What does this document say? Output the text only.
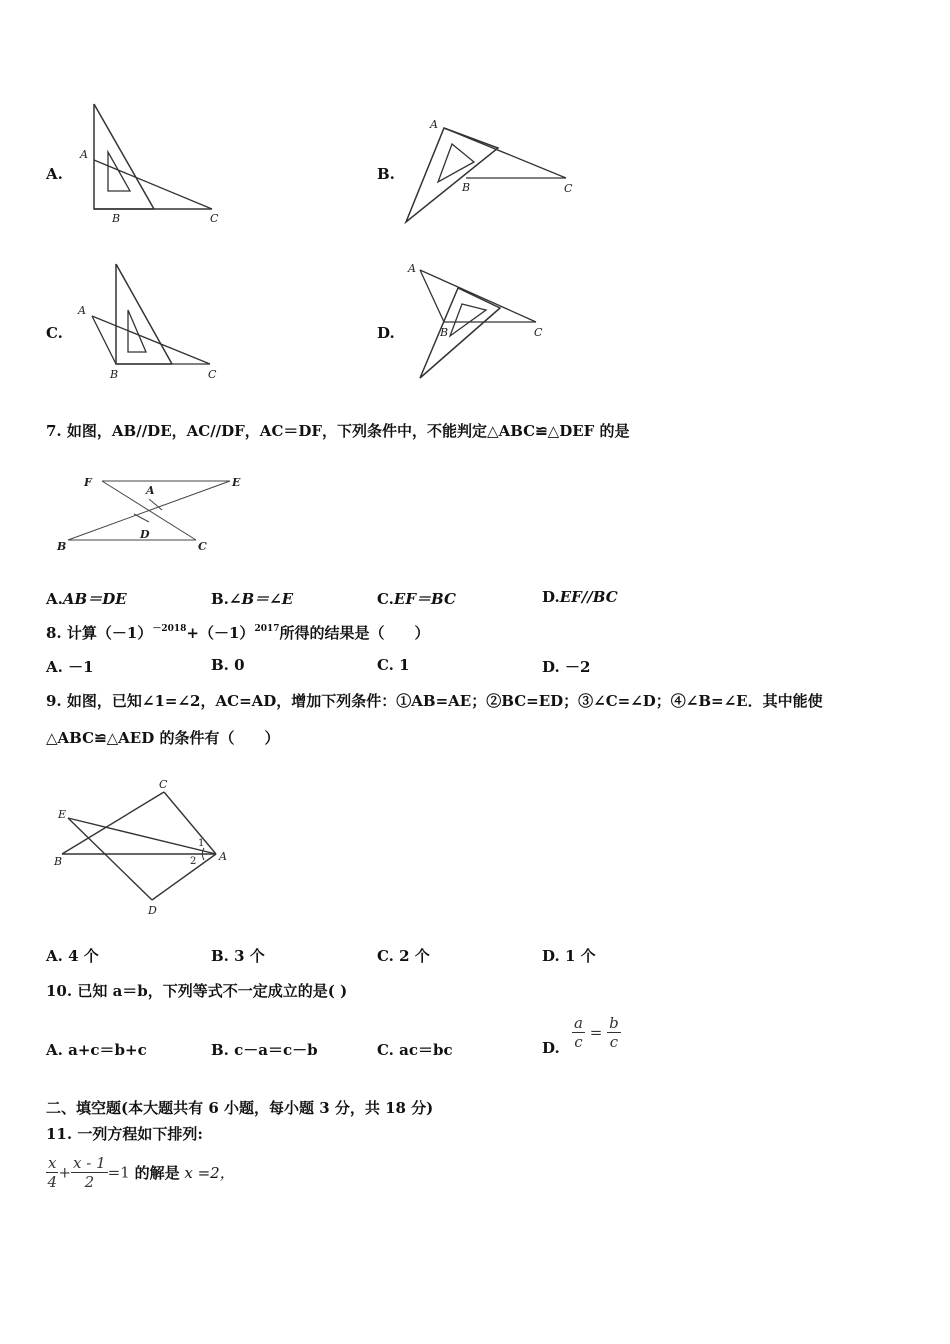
A.
A
B	C
B.
A
B	C
C.
A
B	C
D.
A
B	C
7. 如图，AB//DE，AC//DF，AC＝DF，下列条件中，不能判定△ABC≌△DEF 的是
F
A
E
D
B	C
A.AB＝DE	B.∠B＝∠E	C.EF＝BC	D.EF//BC
8. 计算$(-1)^{-2018}+(-1)^{2017}$所得的结果是（　　）
A. －1	B. 0	C. 1	D. －2
9. 如图，已知∠1=∠2，AC=AD，增加下列条件：①AB=AE；②BC=ED；③∠C=∠D；④∠B=∠E．其中能使
△ABC≌△AED 的条件有（　　）
C
E
B
1
2 A
D
A. 4 个	B. 3 个	C. 2 个	D. 1 个
10. 已知 a＝b，下列等式不一定成立的是( )
A. a+c＝b+c	B. c－a＝c－b	C. ac＝bc	D. $\frac{a}{c} = \frac{b}{c}$
二、填空题(本大题共有 6 小题，每小题 3 分，共 18 分)
11. 一列方程如下排列:
$\frac{x}{4} + \frac{x - 1}{2} =1$ 的解是 x =2，
